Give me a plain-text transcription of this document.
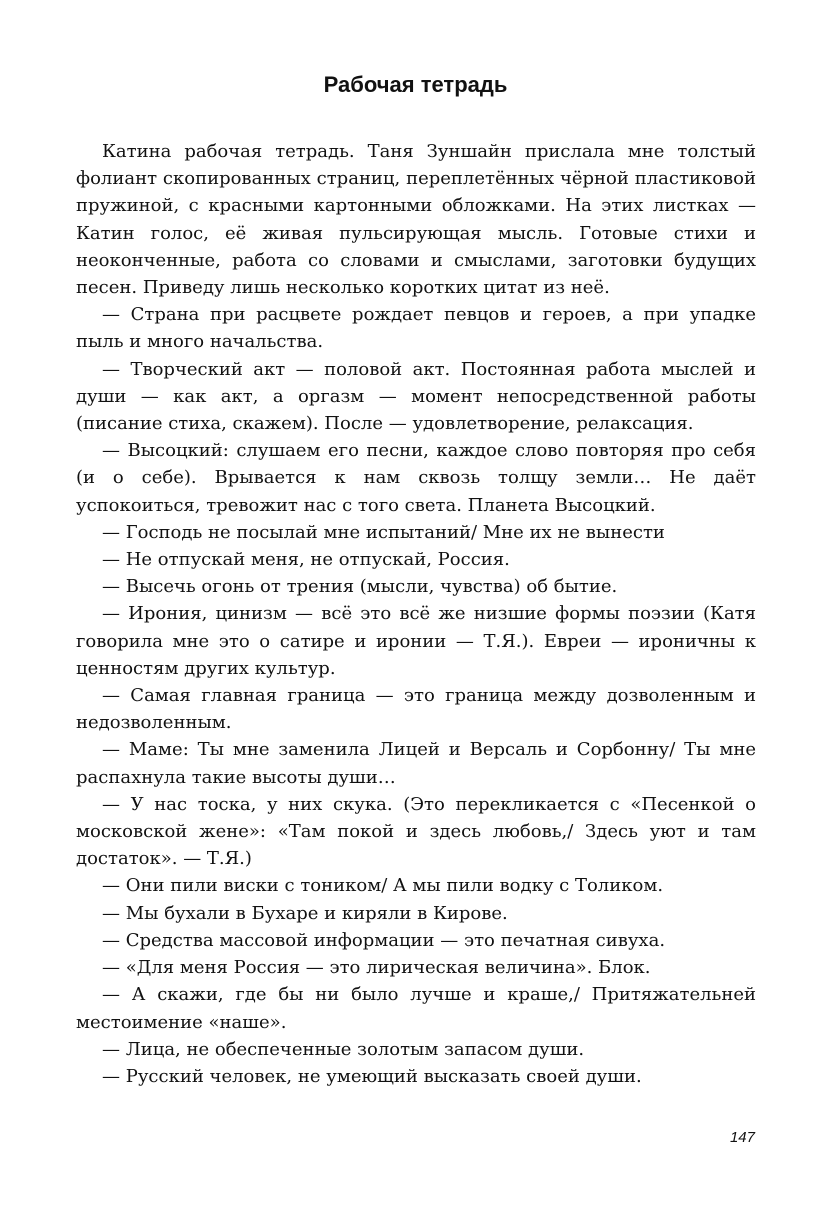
Рабочая тетрадь

Катина рабочая тетрадь. Таня Зуншайн прислала мне толстый фолиант скопированных страниц, переплетённых чёрной пластиковой пружиной, с красными картонными обложками. На этих листках — Катин голос, её живая пульсирующая мысль. Готовые стихи и неоконченные, работа со словами и смыслами, заготовки будущих песен. Приведу лишь несколько коротких цитат из неё.

— Страна при расцвете рождает певцов и героев, а при упадке пыль и много начальства.

— Творческий акт — половой акт. Постоянная работа мыслей и души — как акт, а оргазм — момент непосредственной работы (писание стиха, скажем). После — удовлетворение, релаксация.

— Высоцкий: слушаем его песни, каждое слово повторяя про себя (и о себе). Врывается к нам сквозь толщу земли… Не даёт успокоиться, тревожит нас с того света. Планета Высоцкий.

— Господь не посылай мне испытаний/ Мне их не вынести

— Не отпускай меня, не отпускай, Россия.

— Высечь огонь от трения (мысли, чувства) об бытие.

— Ирония, цинизм — всё это всё же низшие формы поэзии (Катя говорила мне это о сатире и иронии — Т.Я.). Евреи — ироничны к ценностям других культур.

— Самая главная граница — это граница между дозволенным и недозволенным.

— Маме: Ты мне заменила Лицей и Версаль и Сорбонну/ Ты мне распахнула такие высоты души…

— У нас тоска, у них скука. (Это перекликается с «Песенкой о московской жене»: «Там покой и здесь любовь,/ Здесь уют и там достаток». — Т.Я.)

— Они пили виски с тоником/ А мы пили водку с Толиком.

— Мы бухали в Бухаре и киряли в Кирове.

— Средства массовой информации — это печатная сивуха.

— «Для меня Россия — это лирическая величина». Блок.

— А скажи, где бы ни было лучше и краше,/ Притяжательней местоимение «наше».

— Лица, не обеспеченные золотым запасом души.

— Русский человек, не умеющий высказать своей души.

147
